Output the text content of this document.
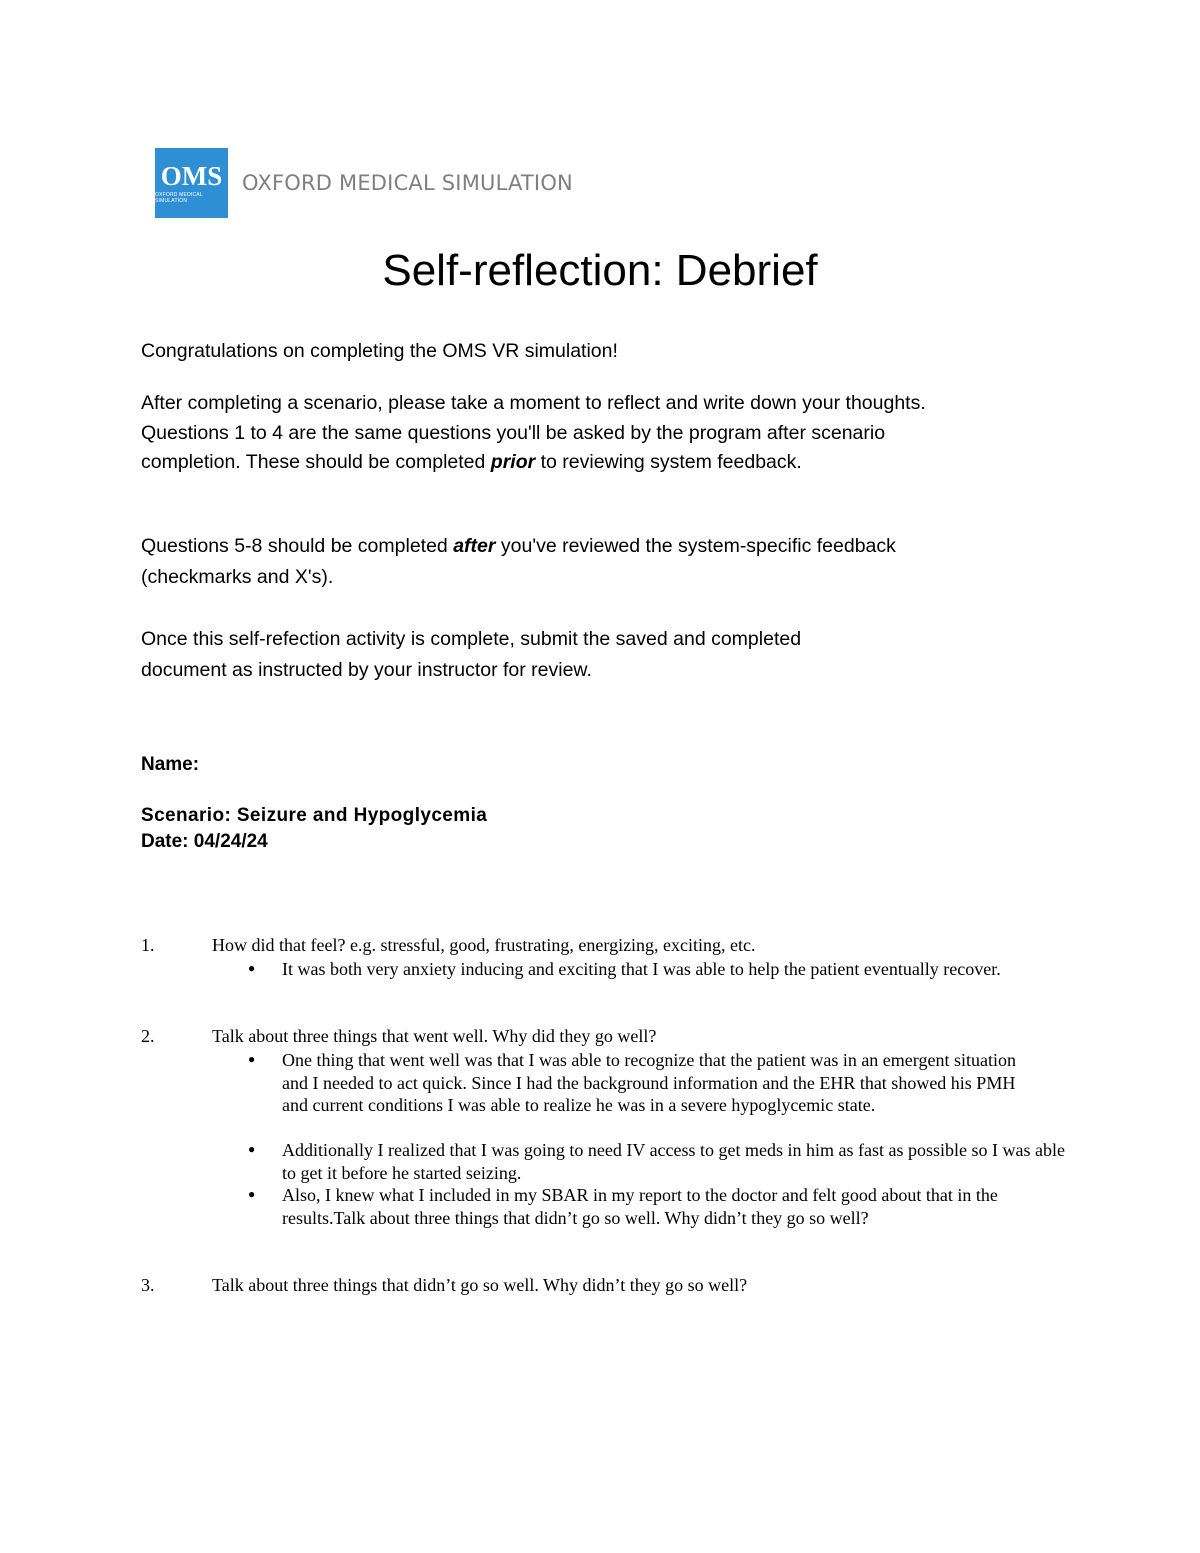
OMS
OXFORD MEDICAL SIMULATION
OXFORD MEDICAL SIMULATION
Self-reflection: Debrief

Congratulations on completing the OMS VR simulation!

After completing a scenario, please take a moment to reflect and write down your thoughts. Questions 1 to 4 are the same questions you'll be asked by the program after scenario completion. These should be completed prior to reviewing system feedback.

Questions 5-8 should be completed after you've reviewed the system-specific feedback (checkmarks and X's).

Once this self-refection activity is complete, submit the saved and completed document as instructed by your instructor for review.

Name:

Scenario: Seizure and Hypoglycemia

Date: 04/24/24

1.	How did that feel? e.g. stressful, good, frustrating, energizing, exciting, etc.
● It was both very anxiety inducing and exciting that I was able to help the patient eventually recover.
2.	Talk about three things that went well. Why did they go well?
● One thing that went well was that I was able to recognize that the patient was in an emergent situation and I needed to act quick. Since I had the background information and the EHR that showed his PMH and current conditions I was able to realize he was in a severe hypoglycemic state.
● Additionally I realized that I was going to need IV access to get meds in him as fast as possible so I was able to get it before he started seizing.
● Also, I knew what I included in my SBAR in my report to the doctor and felt good about that in the results.Talk about three things that didn’t go so well. Why didn’t they go so well?
3.	Talk about three things that didn’t go so well. Why didn’t they go so well?
